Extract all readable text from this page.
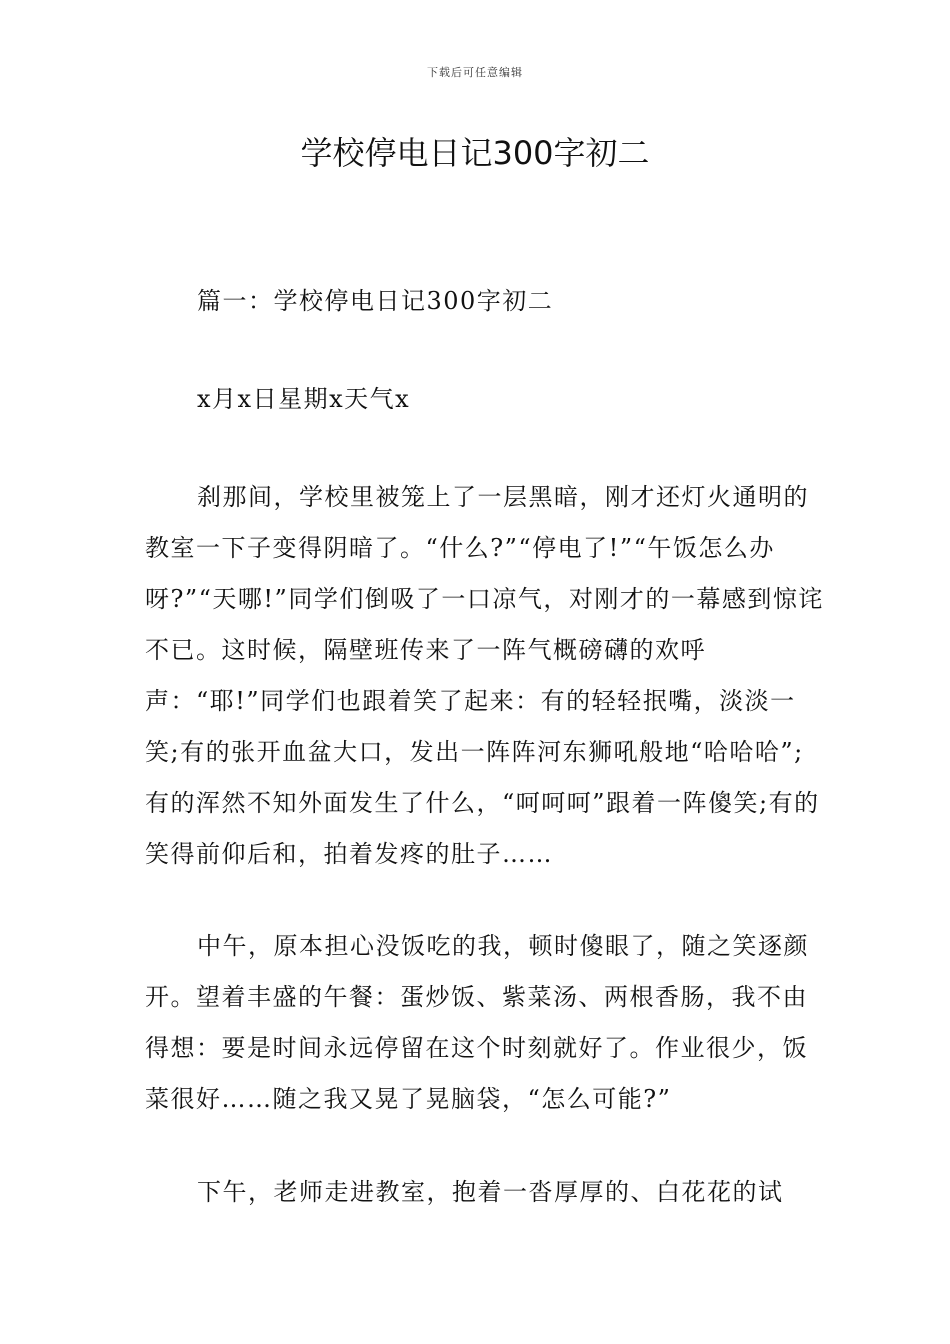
下载后可任意编辑
学校停电日记300字初二

篇一：学校停电日记300字初二

x月x日星期x天气x

刹那间，学校里被笼上了一层黑暗，刚才还灯火通明的教室一下子变得阴暗了。“什么?”“停电了!”“午饭怎么办呀?”“天哪!”同学们倒吸了一口凉气，对刚才的一幕感到惊诧不已。这时候，隔壁班传来了一阵气概磅礴的欢呼声：“耶!”同学们也跟着笑了起来：有的轻轻抿嘴，淡淡一笑;有的张开血盆大口，发出一阵阵河东狮吼般地“哈哈哈”;有的浑然不知外面发生了什么，“呵呵呵”跟着一阵傻笑;有的笑得前仰后和，拍着发疼的肚子……

中午，原本担心没饭吃的我，顿时傻眼了，随之笑逐颜开。望着丰盛的午餐：蛋炒饭、紫菜汤、两根香肠，我不由得想：要是时间永远停留在这个时刻就好了。作业很少，饭菜很好……随之我又晃了晃脑袋，“怎么可能?”

下午，老师走进教室，抱着一沓厚厚的、白花花的试
